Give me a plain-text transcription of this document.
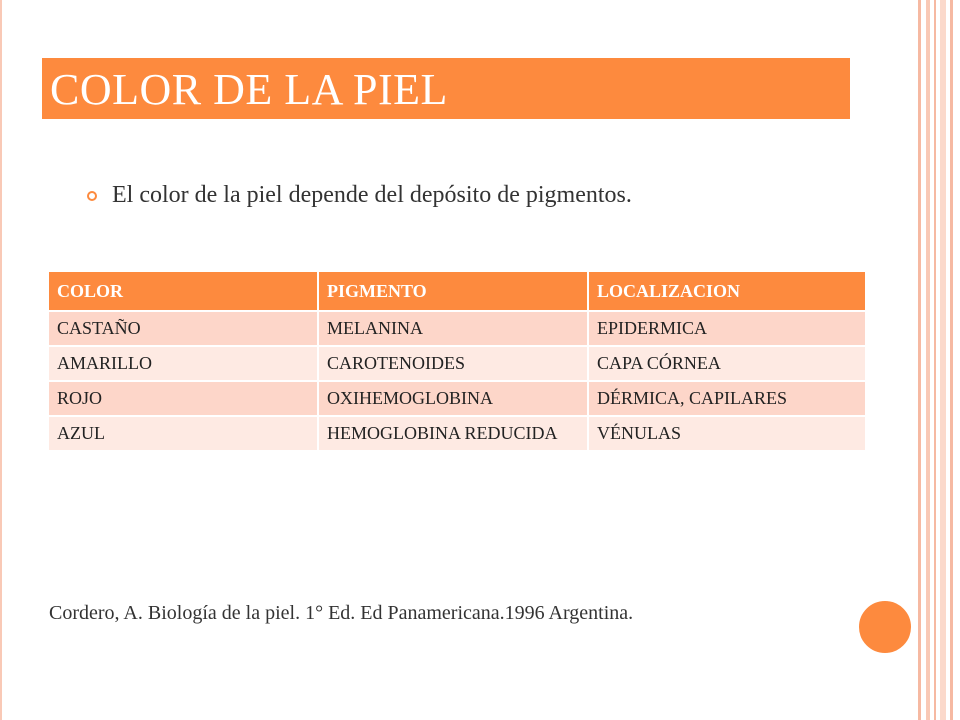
COLOR DE LA PIEL
El color de la piel depende del depósito de pigmentos.
COLOR	PIGMENTO	LOCALIZACION
CASTAÑO	MELANINA	EPIDERMICA
AMARILLO	CAROTENOIDES	CAPA CÓRNEA
ROJO	OXIHEMOGLOBINA	DÉRMICA, CAPILARES
AZUL	HEMOGLOBINA REDUCIDA	VÉNULAS
Cordero, A. Biología de la piel. 1° Ed. Ed Panamericana.1996 Argentina.
